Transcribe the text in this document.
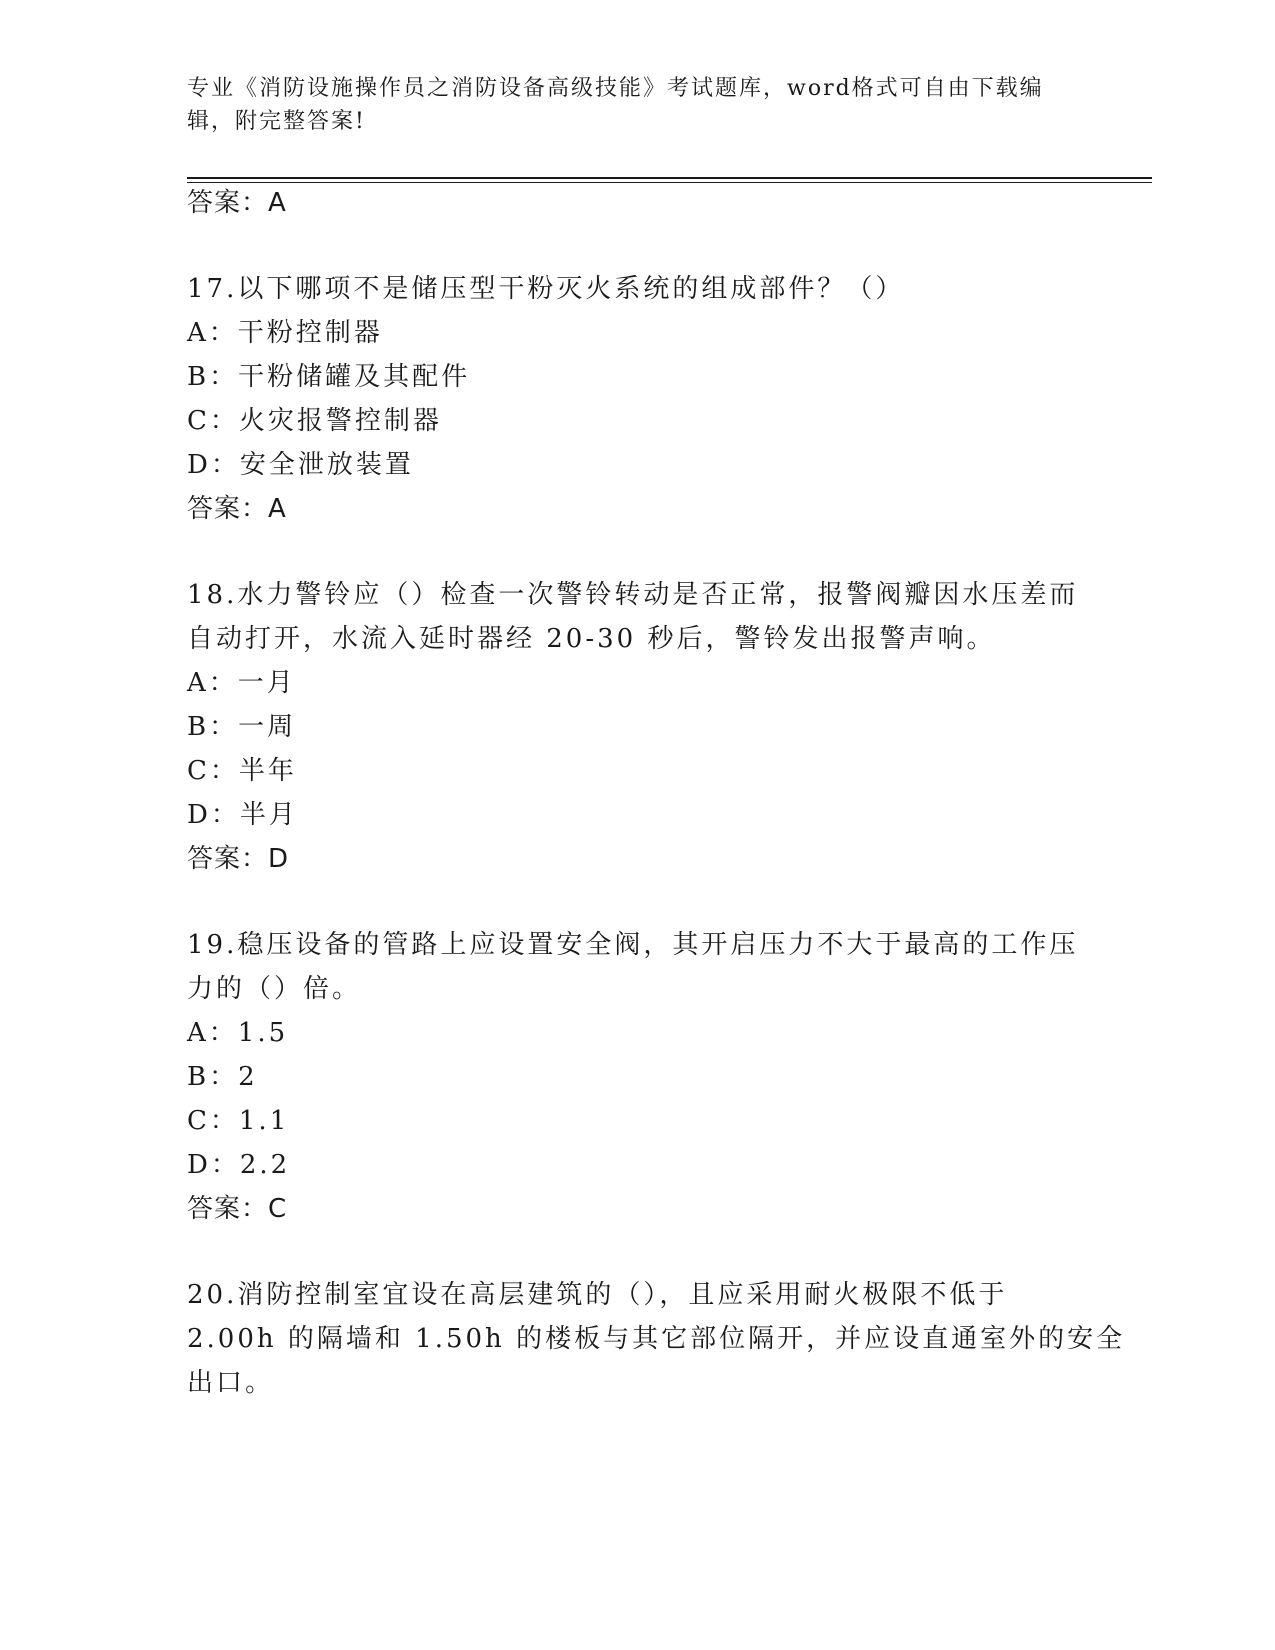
专业《消防设施操作员之消防设备高级技能》考试题库，word格式可自由下载编
辑，附完整答案!
答案：A
17.以下哪项不是储压型干粉灭火系统的组成部件？（）
A：干粉控制器
B：干粉储罐及其配件
C：火灾报警控制器
D：安全泄放装置
答案：A
18.水力警铃应（）检查一次警铃转动是否正常，报警阀瓣因水压差而
自动打开，水流入延时器经 20-30 秒后，警铃发出报警声响。
A：一月
B：一周
C：半年
D：半月
答案：D
19.稳压设备的管路上应设置安全阀，其开启压力不大于最高的工作压
力的（）倍。
A：1.5
B：2
C：1.1
D：2.2
答案：C
20.消防控制室宜设在高层建筑的（），且应采用耐火极限不低于
2.00h 的隔墙和 1.50h 的楼板与其它部位隔开，并应设直通室外的安全
出口。
